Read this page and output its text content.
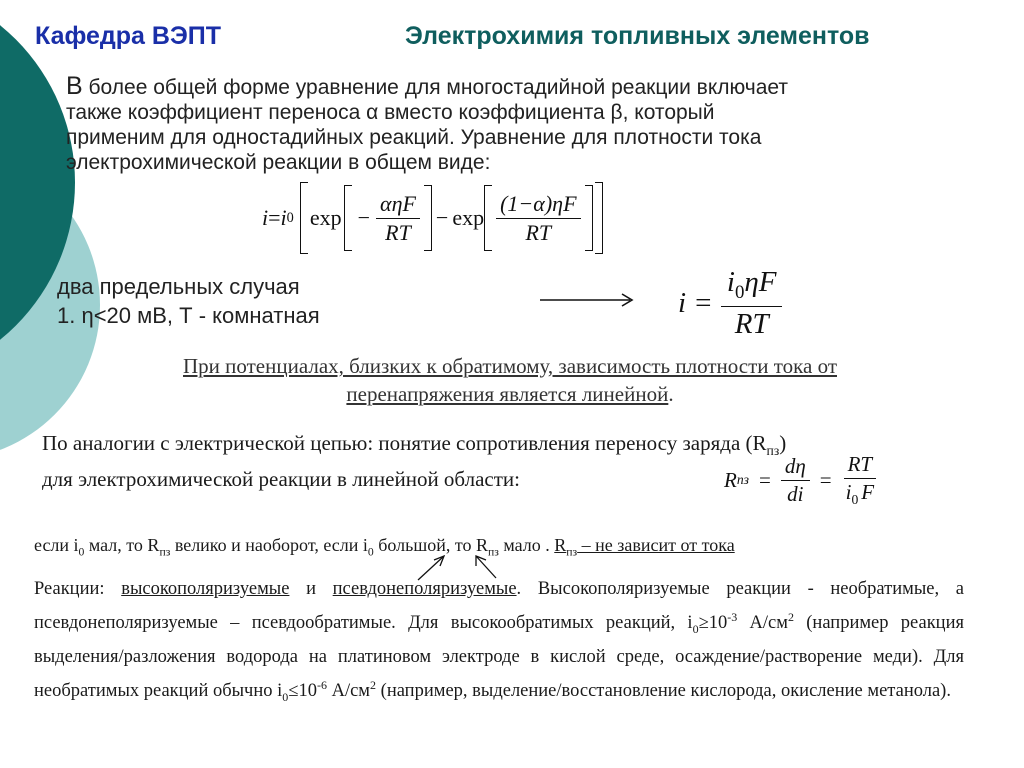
Кафедра ВЭПТ	Электрохимия топливных элементов
В более общей форме уравнение для многостадийной реакции включает
также коэффициент переноса α вместо коэффициента β, который
применим для одностадийных реакций. Уравнение для плотности тока
электрохимической реакции в общем виде:
i = i 0 $\exp - \frac{\text{αηF}}{RT} - \exp \frac{(1-\alpha)\eta F}{RT}$
два предельных случая
1. η<20 мВ, Т - комнатная	$i = \frac{i_0\eta F}{RT}$
При потенциалах, близких к обратимому, зависимость плотности тока от
перенапряжения является линейной.
По аналогии с электрической цепью: понятие сопротивления переносу заряда $(R_{пз})$
для электрохимической реакции в линейной области:	R пз = $\frac{d\eta}{di} = \frac{RT}{i_0 F}$
если $i_0$ мал, то $R_{пз}$ велико и наоборот, если $i_0$ большой, то $R_{пз}$ мало . $R_{пз}$ – не зависит от тока
Реакции: высокополяризуемые и псевдонеполяризуемые. Высокополяризуемые реакции - необратимые, а псевдонеполяризуемые – псевдообратимые. Для высокообратимых реакций, $i_0\ge 10^{-3}$ $А/см^2$ (например реакция выделения/разложения водорода на платиновом электроде в кислой среде, осаждение/растворение меди). Для необратимых реакций обычно $i_0\le 10^{-6}$ $А/см^2$ (например, выделение/восстановление кислорода, окисление метанола).
